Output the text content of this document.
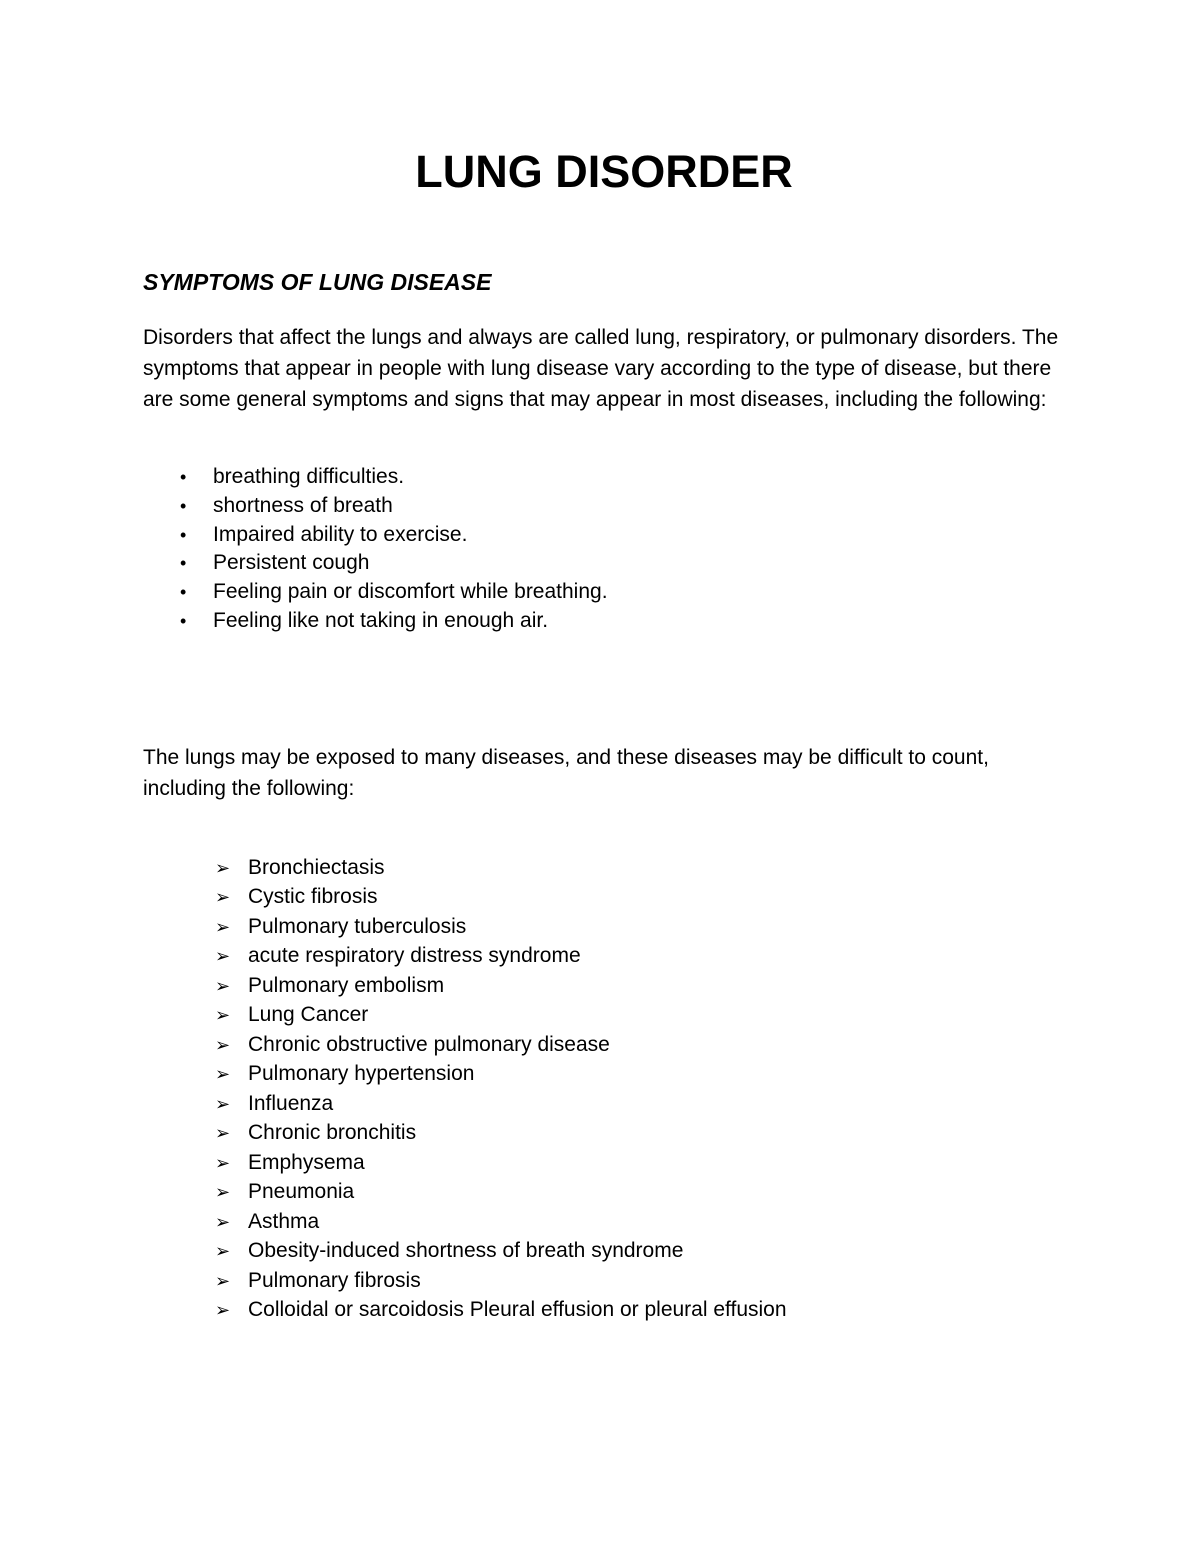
LUNG DISORDER
SYMPTOMS OF LUNG DISEASE

Disorders that affect the lungs and always are called lung, respiratory, or pulmonary disorders. The symptoms that appear in people with lung disease vary according to the type of disease, but there are some general symptoms and signs that may appear in most diseases, including the following:

•	breathing difficulties.
•	shortness of breath
•	Impaired ability to exercise.
•	Persistent cough
•	Feeling pain or discomfort while breathing.
•	Feeling like not taking in enough air.

The lungs may be exposed to many diseases, and these diseases may be difficult to count, including the following:

➢ Bronchiectasis
➢ Cystic fibrosis
➢ Pulmonary tuberculosis
➢ acute respiratory distress syndrome
➢ Pulmonary embolism
➢ Lung Cancer
➢ Chronic obstructive pulmonary disease
➢ Pulmonary hypertension
➢ Influenza
➢ Chronic bronchitis
➢ Emphysema
➢ Pneumonia
➢ Asthma
➢ Obesity-induced shortness of breath syndrome
➢ Pulmonary fibrosis
➢ Colloidal or sarcoidosis Pleural effusion or pleural effusion
